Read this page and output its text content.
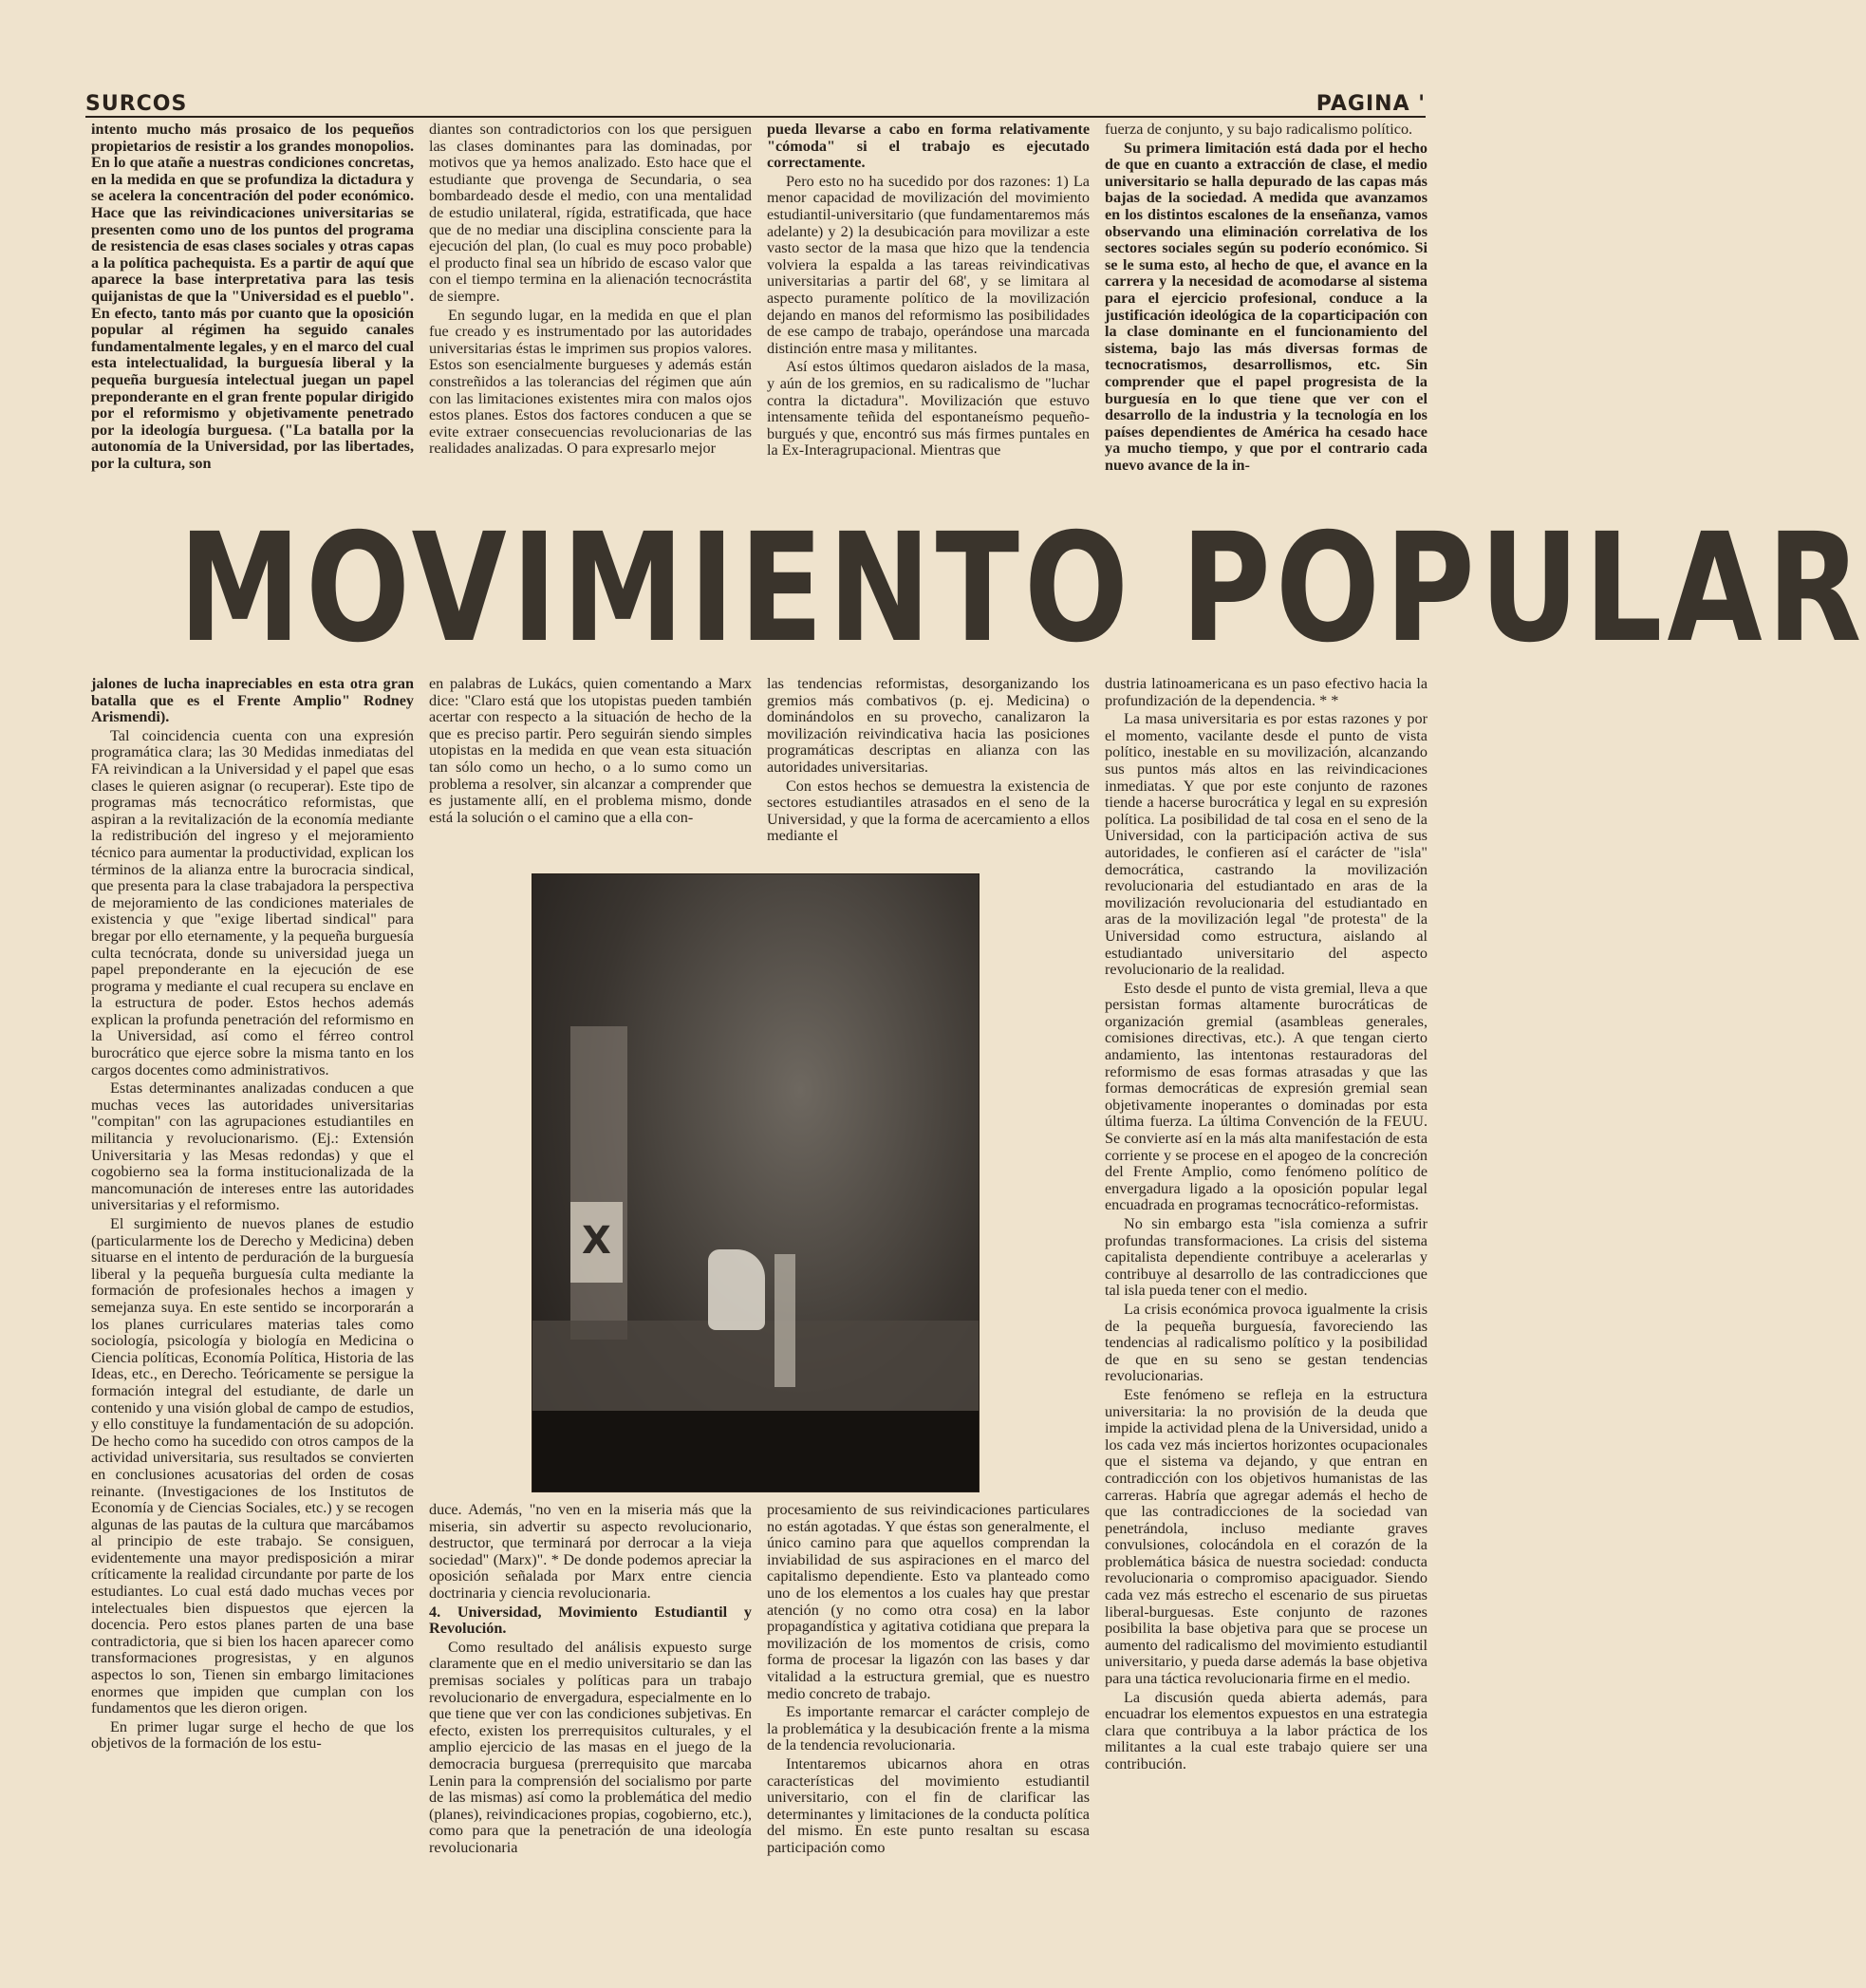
SURCOS	PAGINA '

intento mucho más prosaico de los pequeños propietarios de resistir a los grandes monopolios. En lo que atañe a nuestras condiciones concretas, en la medida en que se profundiza la dictadura y se acelera la concentración del poder económico. Hace que las reivindicaciones universitarias se presenten como uno de los puntos del programa de resistencia de esas clases sociales y otras capas a la política pachequista. Es a partir de aquí que aparece la base interpretativa para las tesis quijanistas de que la "Universidad es el pueblo". En efecto, tanto más por cuanto que la oposición popular al régimen ha seguido canales fundamentalmente legales, y en el marco del cual esta intelectualidad, la burguesía liberal y la pequeña burguesía intelectual juegan un papel preponderante en el gran frente popular dirigido por el reformismo y objetivamente penetrado por la ideología burguesa. ("La batalla por la autonomía de la Universidad, por las libertades, por la cultura, son

diantes son contradictorios con los que persiguen las clases dominantes para las dominadas, por motivos que ya hemos analizado. Esto hace que el estudiante que provenga de Secundaria, o sea bombardeado desde el medio, con una mentalidad de estudio unilateral, rígida, estratificada, que hace que de no mediar una disciplina consciente para la ejecución del plan, (lo cual es muy poco probable) el producto final sea un híbrido de escaso valor que con el tiempo termina en la alienación tecnocrástita de siempre.

En segundo lugar, en la medida en que el plan fue creado y es instrumentado por las autoridades universitarias éstas le imprimen sus propios valores. Estos son esencialmente burgueses y además están constreñidos a las tolerancias del régimen que aún con las limitaciones existentes mira con malos ojos estos planes. Estos dos factores conducen a que se evite extraer consecuencias revolucionarias de las realidades analizadas. O para expresarlo mejor

pueda llevarse a cabo en forma relativamente "cómoda" si el trabajo es ejecutado correctamente.

Pero esto no ha sucedido por dos razones: 1) La menor capacidad de movilización del movimiento estudiantil-universitario (que fundamentaremos más adelante) y 2) la desubicación para movilizar a este vasto sector de la masa que hizo que la tendencia volviera la espalda a las tareas reivindicativas universitarias a partir del 68', y se limitara al aspecto puramente político de la movilización dejando en manos del reformismo las posibilidades de ese campo de trabajo, operándose una marcada distinción entre masa y militantes.

Así estos últimos quedaron aislados de la masa, y aún de los gremios, en su radicalismo de "luchar contra la dictadura". Movilización que estuvo intensamente teñida del espontaneísmo pequeño-burgués y que, encontró sus más firmes puntales en la Ex-Interagrupacional. Mientras que

fuerza de conjunto, y su bajo radicalismo político.

Su primera limitación está dada por el hecho de que en cuanto a extracción de clase, el medio universitario se halla depurado de las capas más bajas de la sociedad. A medida que avanzamos en los distintos escalones de la enseñanza, vamos observando una eliminación correlativa de los sectores sociales según su poderío económico. Si se le suma esto, al hecho de que, el avance en la carrera y la necesidad de acomodarse al sistema para el ejercicio profesional, conduce a la justificación ideológica de la coparticipación con la clase dominante en el funcionamiento del sistema, bajo las más diversas formas de tecnocratismos, desarrollismos, etc. Sin comprender que el papel progresista de la burguesía en lo que tiene que ver con el desarrollo de la industria y la tecnología en los países dependientes de América ha cesado hace ya mucho tiempo, y que por el contrario cada nuevo avance de la in-

MOVIMIENTO POPULAR

jalones de lucha inapreciables en esta otra gran batalla que es el Frente Amplio" Rodney Arismendi).

Tal coincidencia cuenta con una expresión programática clara; las 30 Medidas inmediatas del FA reivindican a la Universidad y el papel que esas clases le quieren asignar (o recuperar). Este tipo de programas más tecnocrático reformistas, que aspiran a la revitalización de la economía mediante la redistribución del ingreso y el mejoramiento técnico para aumentar la productividad, explican los términos de la alianza entre la burocracia sindical, que presenta para la clase trabajadora la perspectiva de mejoramiento de las condiciones materiales de existencia y que "exige libertad sindical" para bregar por ello eternamente, y la pequeña burguesía culta tecnócrata, donde su universidad juega un papel preponderante en la ejecución de ese programa y mediante el cual recupera su enclave en la estructura de poder. Estos hechos además explican la profunda penetración del reformismo en la Universidad, así como el férreo control burocrático que ejerce sobre la misma tanto en los cargos docentes como administrativos.

Estas determinantes analizadas conducen a que muchas veces las autoridades universitarias "compitan" con las agrupaciones estudiantiles en militancia y revolucionarismo. (Ej.: Extensión Universitaria y las Mesas redondas) y que el cogobierno sea la forma institucionalizada de la mancomunación de intereses entre las autoridades universitarias y el reformismo.

El surgimiento de nuevos planes de estudio (particularmente los de Derecho y Medicina) deben situarse en el intento de perduración de la burguesía liberal y la pequeña burguesía culta mediante la formación de profesionales hechos a imagen y semejanza suya. En este sentido se incorporarán a los planes curriculares materias tales como sociología, psicología y biología en Medicina o Ciencia políticas, Economía Política, Historia de las Ideas, etc., en Derecho. Teóricamente se persigue la formación integral del estudiante, de darle un contenido y una visión global de campo de estudios, y ello constituye la fundamentación de su adopción. De hecho como ha sucedido con otros campos de la actividad universitaria, sus resultados se convierten en conclusiones acusatorias del orden de cosas reinante. (Investigaciones de los Institutos de Economía y de Ciencias Sociales, etc.) y se recogen algunas de las pautas de la cultura que marcábamos al principio de este trabajo. Se consiguen, evidentemente una mayor predisposición a mirar críticamente la realidad circundante por parte de los estudiantes. Lo cual está dado muchas veces por intelectuales bien dispuestos que ejercen la docencia. Pero estos planes parten de una base contradictoria, que si bien los hacen aparecer como transformaciones progresistas, y en algunos aspectos lo son, Tienen sin embargo limitaciones enormes que impiden que cumplan con los fundamentos que les dieron origen.

En primer lugar surge el hecho de que los objetivos de la formación de los estu-

en palabras de Lukács, quien comentando a Marx dice: "Claro está que los utopistas pueden también acertar con respecto a la situación de hecho de la que es preciso partir. Pero seguirán siendo simples utopistas en la medida en que vean esta situación tan sólo como un hecho, o a lo sumo como un problema a resolver, sin alcanzar a comprender que es justamente allí, en el problema mismo, donde está la solución o el camino que a ella con-

las tendencias reformistas, desorganizando los gremios más combativos (p. ej. Medicina) o dominándolos en su provecho, canalizaron la movilización reivindicativa hacia las posiciones programáticas descriptas en alianza con las autoridades universitarias.

Con estos hechos se demuestra la existencia de sectores estudiantiles atrasados en el seno de la Universidad, y que la forma de acercamiento a ellos mediante el

X

duce. Además, "no ven en la miseria más que la miseria, sin advertir su aspecto revolucionario, destructor, que terminará por derrocar a la vieja sociedad" (Marx)". * De donde podemos apreciar la oposición señalada por Marx entre ciencia doctrinaria y ciencia revolucionaria.

4. Universidad, Movimiento Estudiantil y Revolución.

Como resultado del análisis expuesto surge claramente que en el medio universitario se dan las premisas sociales y políticas para un trabajo revolucionario de envergadura, especialmente en lo que tiene que ver con las condiciones subjetivas. En efecto, existen los prerrequisitos culturales, y el amplio ejercicio de las masas en el juego de la democracia burguesa (prerrequisito que marcaba Lenin para la comprensión del socialismo por parte de las mismas) así como la problemática del medio (planes), reivindicaciones propias, cogobierno, etc.), como para que la penetración de una ideología revolucionaria

procesamiento de sus reivindicaciones particulares no están agotadas. Y que éstas son generalmente, el único camino para que aquellos comprendan la inviabilidad de sus aspiraciones en el marco del capitalismo dependiente. Esto va planteado como uno de los elementos a los cuales hay que prestar atención (y no como otra cosa) en la labor propagandística y agitativa cotidiana que prepara la movilización de los momentos de crisis, como forma de procesar la ligazón con las bases y dar vitalidad a la estructura gremial, que es nuestro medio concreto de trabajo.

Es importante remarcar el carácter complejo de la problemática y la desubicación frente a la misma de la tendencia revolucionaria.

Intentaremos ubicarnos ahora en otras características del movimiento estudiantil universitario, con el fin de clarificar las determinantes y limitaciones de la conducta política del mismo. En este punto resaltan su escasa participación como

dustria latinoamericana es un paso efectivo hacia la profundización de la dependencia. * *

La masa universitaria es por estas razones y por el momento, vacilante desde el punto de vista político, inestable en su movilización, alcanzando sus puntos más altos en las reivindicaciones inmediatas. Y que por este conjunto de razones tiende a hacerse burocrática y legal en su expresión política. La posibilidad de tal cosa en el seno de la Universidad, con la participación activa de sus autoridades, le confieren así el carácter de "isla" democrática, castrando la movilización revolucionaria del estudiantado en aras de la movilización revolucionaria del estudiantado en aras de la movilización legal "de protesta" de la Universidad como estructura, aislando al estudiantado universitario del aspecto revolucionario de la realidad.

Esto desde el punto de vista gremial, lleva a que persistan formas altamente burocráticas de organización gremial (asambleas generales, comisiones directivas, etc.). A que tengan cierto andamiento, las intentonas restauradoras del reformismo de esas formas atrasadas y que las formas democráticas de expresión gremial sean objetivamente inoperantes o dominadas por esta última fuerza. La última Convención de la FEUU. Se convierte así en la más alta manifestación de esta corriente y se procese en el apogeo de la concreción del Frente Amplio, como fenómeno político de envergadura ligado a la oposición popular legal encuadrada en programas tecnocrático-reformistas.

No sin embargo esta "isla comienza a sufrir profundas transformaciones. La crisis del sistema capitalista dependiente contribuye a acelerarlas y contribuye al desarrollo de las contradicciones que tal isla pueda tener con el medio.

La crisis económica provoca igualmente la crisis de la pequeña burguesía, favoreciendo las tendencias al radicalismo político y la posibilidad de que en su seno se gestan tendencias revolucionarias.

Este fenómeno se refleja en la estructura universitaria: la no provisión de la deuda que impide la actividad plena de la Universidad, unido a los cada vez más inciertos horizontes ocupacionales que el sistema va dejando, y que entran en contradicción con los objetivos humanistas de las carreras. Habría que agregar además el hecho de que las contradicciones de la sociedad van penetrándola, incluso mediante graves convulsiones, colocándola en el corazón de la problemática básica de nuestra sociedad: conducta revolucionaria o compromiso apaciguador. Siendo cada vez más estrecho el escenario de sus piruetas liberal-burguesas. Este conjunto de razones posibilita la base objetiva para que se procese un aumento del radicalismo del movimiento estudiantil universitario, y pueda darse además la base objetiva para una táctica revolucionaria firme en el medio.

La discusión queda abierta además, para encuadrar los elementos expuestos en una estrategia clara que contribuya a la labor práctica de los militantes a la cual este trabajo quiere ser una contribución.
